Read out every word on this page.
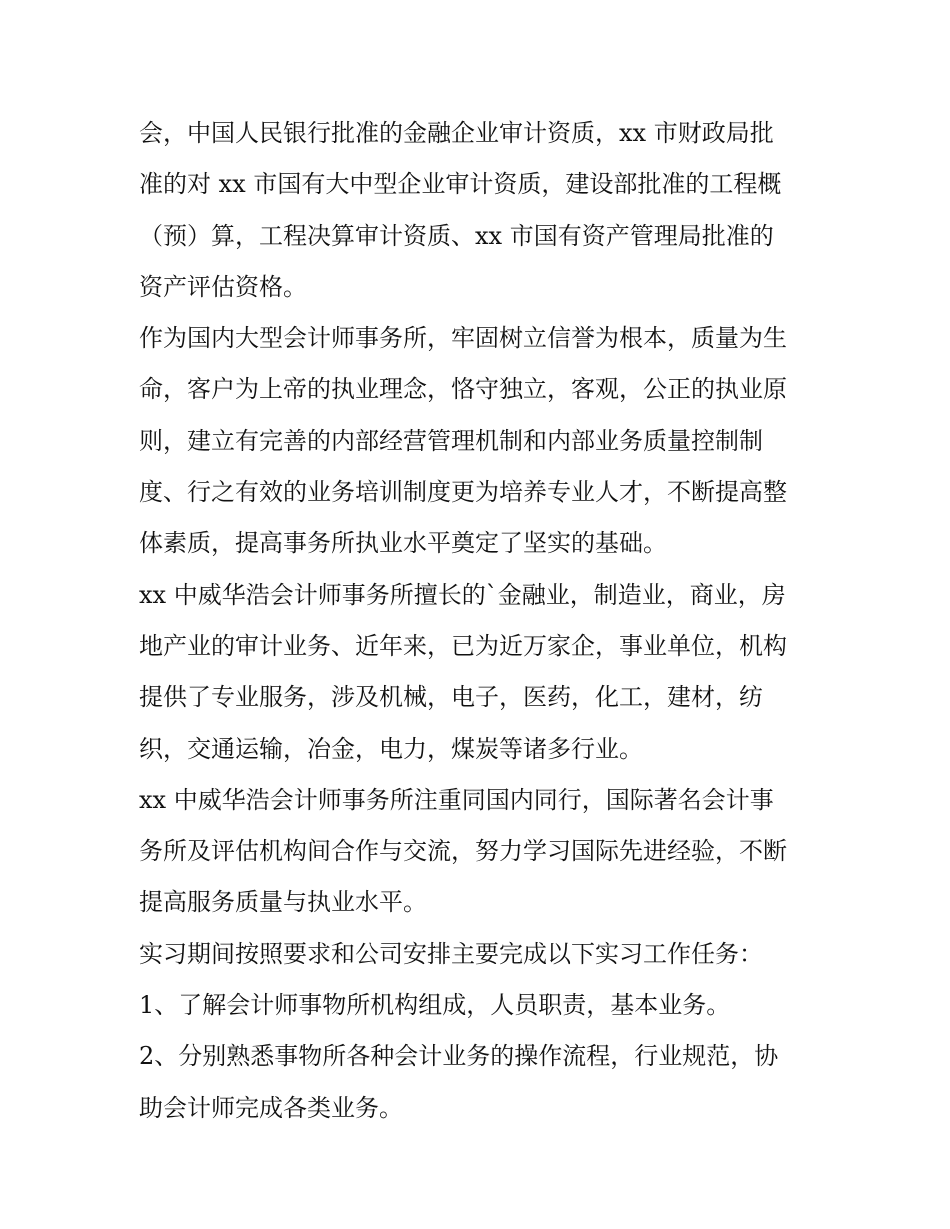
会，中国人民银行批准的金融企业审计资质，xx 市财政局批
准的对 xx 市国有大中型企业审计资质，建设部批准的工程概
（预）算，工程决算审计资质、xx 市国有资产管理局批准的
资产评估资格。
作为国内大型会计师事务所，牢固树立信誉为根本，质量为生
命，客户为上帝的执业理念，恪守独立，客观，公正的执业原
则，建立有完善的内部经营管理机制和内部业务质量控制制
度、行之有效的业务培训制度更为培养专业人才，不断提高整
体素质，提高事务所执业水平奠定了坚实的基础。
xx 中威华浩会计师事务所擅长的`金融业，制造业，商业，房
地产业的审计业务、近年来，已为近万家企，事业单位，机构
提供了专业服务，涉及机械，电子，医药，化工，建材，纺
织，交通运输，冶金，电力，煤炭等诸多行业。
xx 中威华浩会计师事务所注重同国内同行，国际著名会计事
务所及评估机构间合作与交流，努力学习国际先进经验，不断
提高服务质量与执业水平。
实习期间按照要求和公司安排主要完成以下实习工作任务：
1、了解会计师事物所机构组成，人员职责，基本业务。
2、分别熟悉事物所各种会计业务的操作流程，行业规范，协
助会计师完成各类业务。
